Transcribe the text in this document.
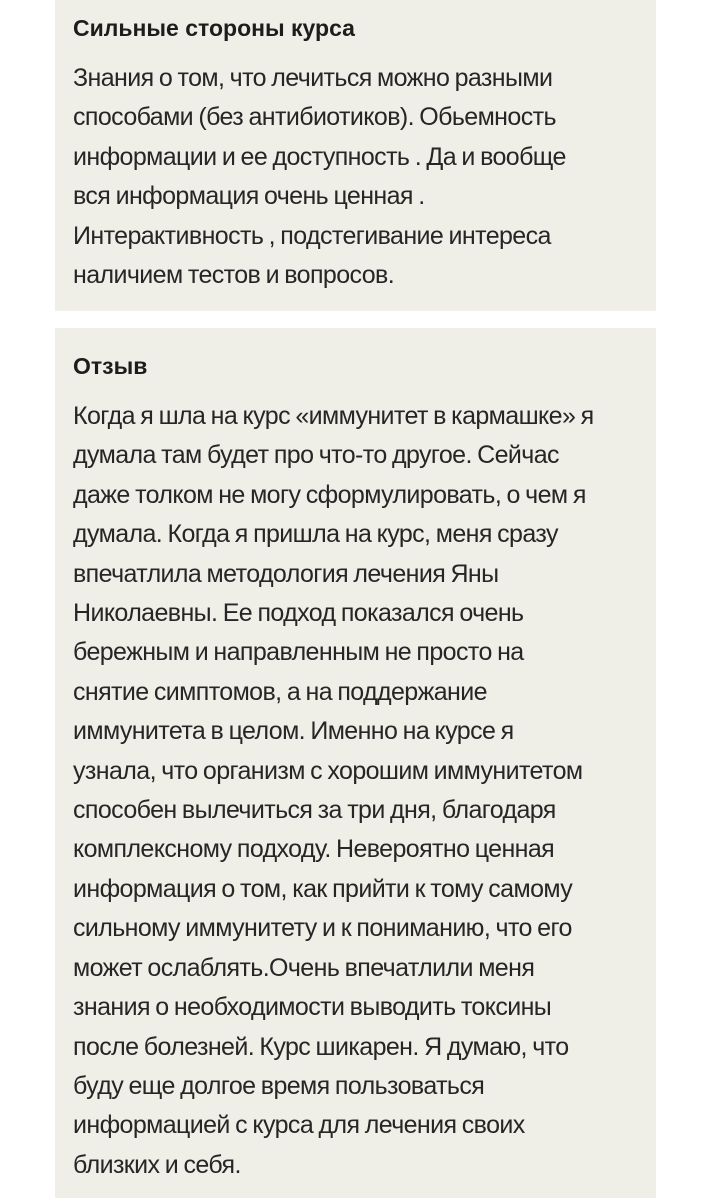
Сильные стороны курса

Знания о том, что лечиться можно разными
способами (без антибиотиков). Обьемность
информации и ее доступность . Да и вообще
вся информация очень ценная .
Интерактивность , подстегивание интереса
наличием тестов и вопросов.

Отзыв

Когда я шла на курс «иммунитет в кармашке» я
думала там будет про что-то другое. Сейчас
даже толком не могу сформулировать, о чем я
думала. Когда я пришла на курс, меня сразу
впечатлила методология лечения Яны
Николаевны. Ее подход показался очень
бережным и направленным не просто на
снятие симптомов, а на поддержание
иммунитета в целом. Именно на курсе я
узнала, что организм с хорошим иммунитетом
способен вылечиться за три дня, благодаря
комплексному подходу. Невероятно ценная
информация о том, как прийти к тому самому
сильному иммунитету и к пониманию, что его
может ослаблять.Очень впечатлили меня
знания о необходимости выводить токсины
после болезней. Курс шикарен. Я думаю, что
буду еще долгое время пользоваться
информацией с курса для лечения своих
близких и себя.
